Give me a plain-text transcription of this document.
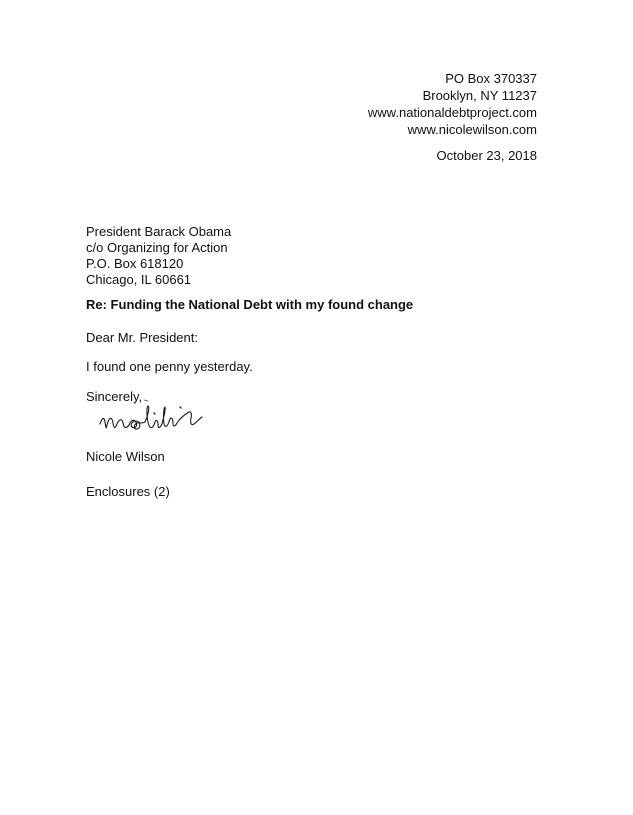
PO Box 370337
Brooklyn, NY 11237
www.nationaldebtproject.com
www.nicolewilson.com
October 23, 2018
President Barack Obama
c/o Organizing for Action
P.O. Box 618120
Chicago, IL 60661
Re: Funding the National Debt with my found change
Dear Mr. President:
I found one penny yesterday.
Sincerely,
Nicole Wilson
Enclosures (2)
